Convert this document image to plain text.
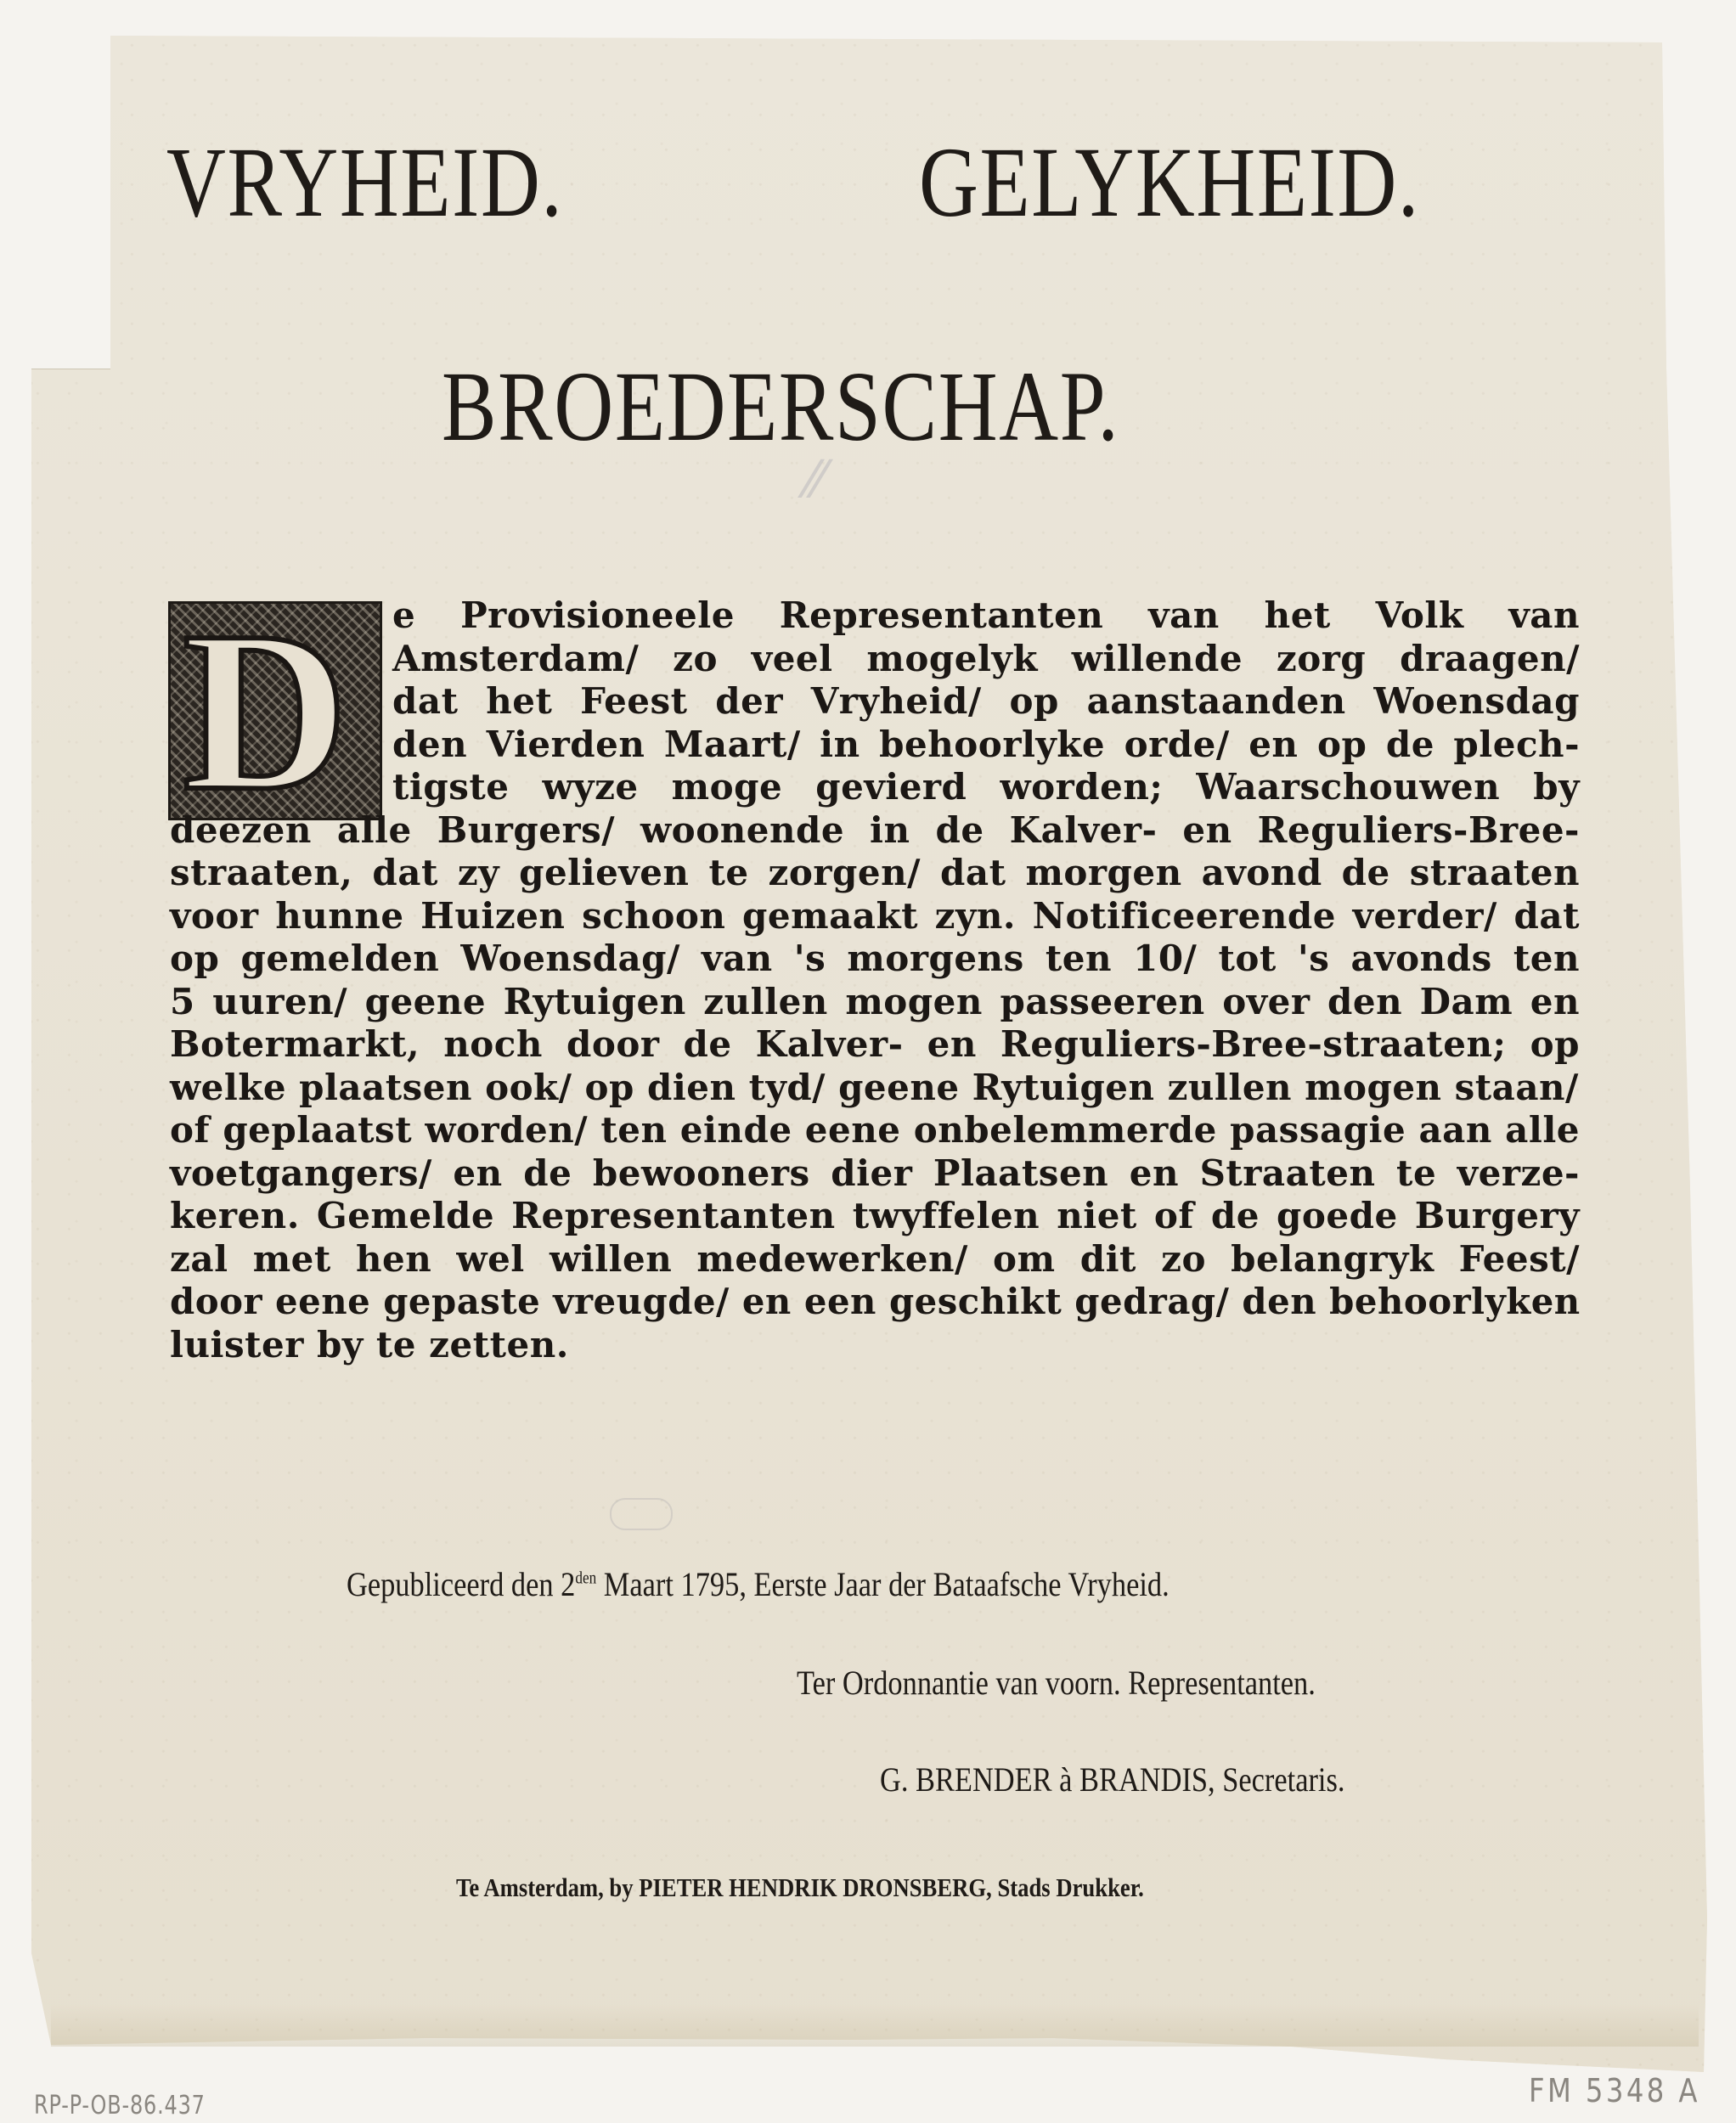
⁄⁄
VRYHEID.	GELYKHEID.
BROEDERSCHAP.
D e Provisioneele Representanten van het Volk van
Amsterdam/ zo veel mogelyk willende zorg draagen/
dat het Feest der Vryheid/ op aanstaanden Woensdag
den Vierden Maart/ in behoorlyke orde/ en op de plech-
tigste wyze moge gevierd worden; Waarschouwen by
deezen alle Burgers/ woonende in de Kalver- en Reguliers-Bree-
straaten, dat zy gelieven te zorgen/ dat morgen avond de straaten
voor hunne Huizen schoon gemaakt zyn. Notificeerende verder/ dat
op gemelden Woensdag/ van 's morgens ten 10/ tot 's avonds ten
5 uuren/ geene Rytuigen zullen mogen passeeren over den Dam en
Botermarkt, noch door de Kalver- en Reguliers-Bree-straaten; op
welke plaatsen ook/ op dien tyd/ geene Rytuigen zullen mogen staan/
of geplaatst worden/ ten einde eene onbelemmerde passagie aan alle
voetgangers/ en de bewooners dier Plaatsen en Straaten te verze-
keren. Gemelde Representanten twyffelen niet of de goede Burgery
zal met hen wel willen medewerken/ om dit zo belangryk Feest/
door eene gepaste vreugde/ en een geschikt gedrag/ den behoorlyken
luister by te zetten.
Gepubliceerd den $2^{den}$ Maart 1795, Eerste Jaar der Bataafsche Vryheid.
Ter Ordonnantie van voorn. Representanten.
G. BRENDER à BRANDIS, Secretaris.
Te Amsterdam, by PIETER HENDRIK DRONSBERG, Stads Drukker.
RP-P-OB-86.437	FM 5348 A
